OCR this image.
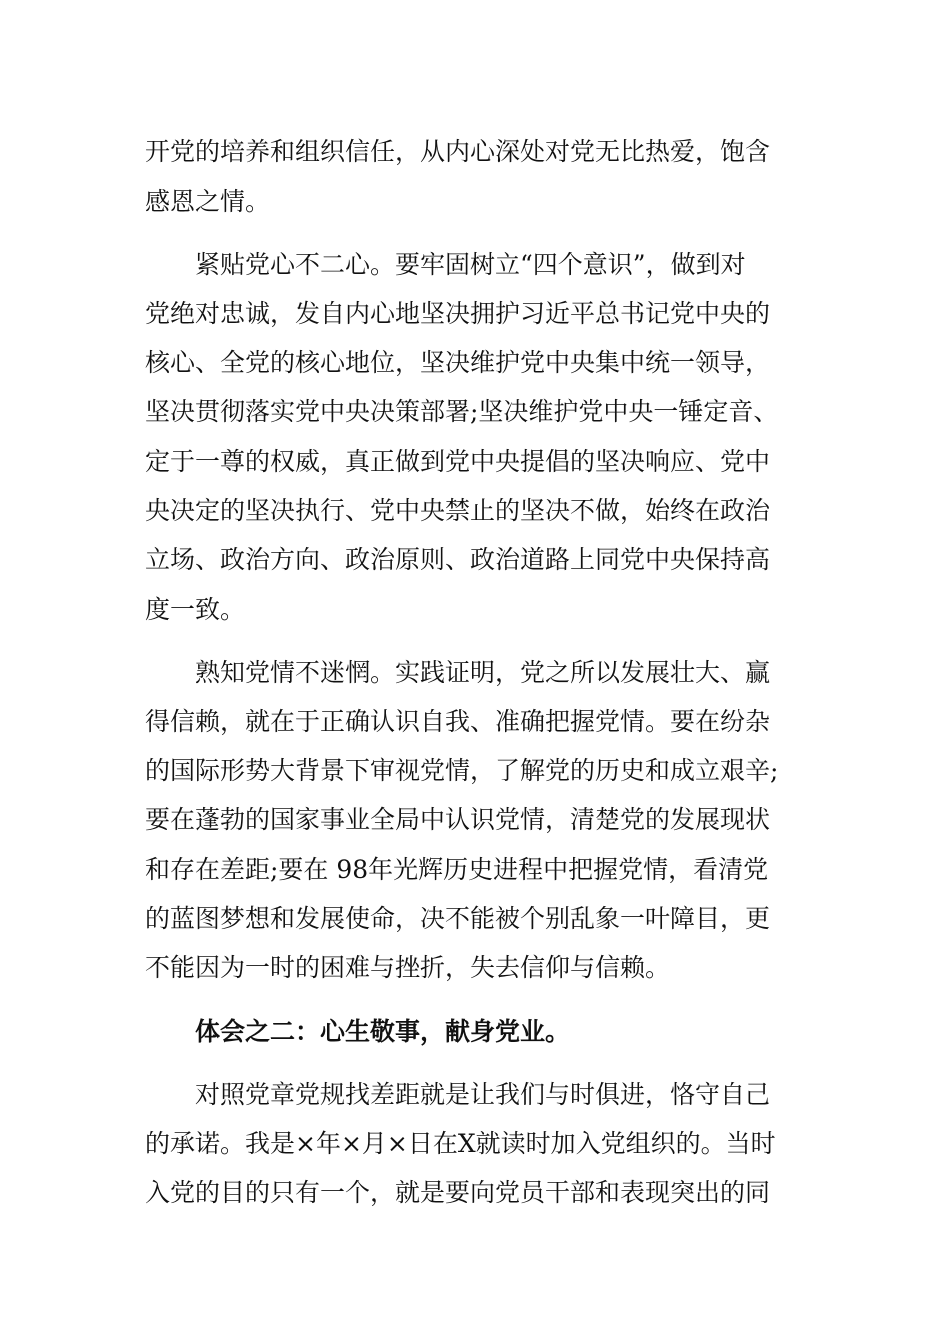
开党的培养和组织信任，从内心深处对党无比热爱，饱含
感恩之情。
紧贴党心不二心。要牢固树立“四个意识”，做到对
党绝对忠诚，发自内心地坚决拥护习近平总书记党中央的
核心、全党的核心地位，坚决维护党中央集中统一领导，
坚决贯彻落实党中央决策部署;坚决维护党中央一锤定音、
定于一尊的权威，真正做到党中央提倡的坚决响应、党中
央决定的坚决执行、党中央禁止的坚决不做，始终在政治
立场、政治方向、政治原则、政治道路上同党中央保持高
度一致。
熟知党情不迷惘。实践证明，党之所以发展壮大、赢
得信赖，就在于正确认识自我、准确把握党情。要在纷杂
的国际形势大背景下审视党情，了解党的历史和成立艰辛;
要在蓬勃的国家事业全局中认识党情，清楚党的发展现状
和存在差距;要在 98年光辉历史进程中把握党情，看清党
的蓝图梦想和发展使命，决不能被个别乱象一叶障目，更
不能因为一时的困难与挫折，失去信仰与信赖。
体会之二：心生敬事，献身党业。
对照党章党规找差距就是让我们与时俱进，恪守自己
的承诺。我是×年×月×日在X就读时加入党组织的。当时
入党的目的只有一个，就是要向党员干部和表现突出的同
